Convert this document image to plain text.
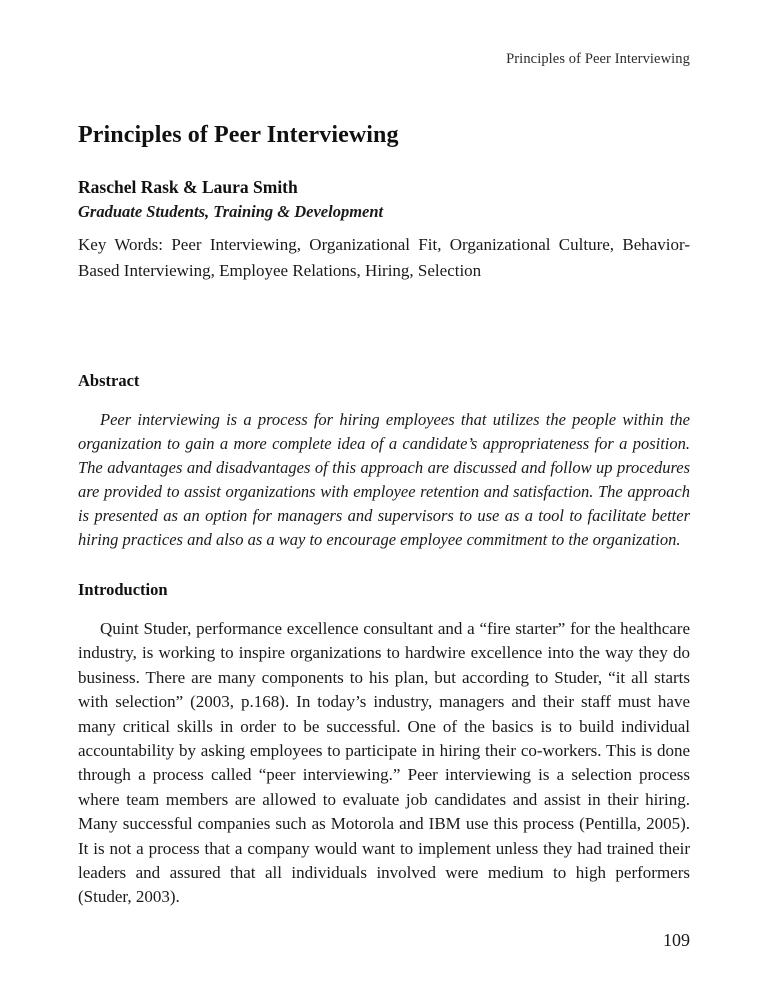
Principles of Peer Interviewing
Principles of Peer Interviewing
Raschel Rask & Laura Smith
Graduate Students, Training & Development
Key Words: Peer Interviewing, Organizational Fit, Organizational Culture, Behavior-Based Interviewing, Employee Relations, Hiring, Selection
Abstract

Peer interviewing is a process for hiring employees that utilizes the people within the organization to gain a more complete idea of a candidate’s appropriateness for a position. The advantages and disadvantages of this approach are discussed and follow up procedures are provided to assist organizations with employee retention and satisfaction. The approach is presented as an option for managers and supervisors to use as a tool to facilitate better hiring practices and also as a way to encourage employee commitment to the organization.

Introduction

Quint Studer, performance excellence consultant and a “fire starter” for the healthcare industry, is working to inspire organizations to hardwire excellence into the way they do business. There are many components to his plan, but according to Studer, “it all starts with selection” (2003, p.168). In today’s industry, managers and their staff must have many critical skills in order to be successful. One of the basics is to build individual accountability by asking employees to participate in hiring their co-workers. This is done through a process called “peer interviewing.” Peer interviewing is a selection process where team members are allowed to evaluate job candidates and assist in their hiring. Many successful companies such as Motorola and IBM use this process (Pentilla, 2005). It is not a process that a company would want to implement unless they had trained their leaders and assured that all individuals involved were medium to high performers (Studer, 2003).

109
